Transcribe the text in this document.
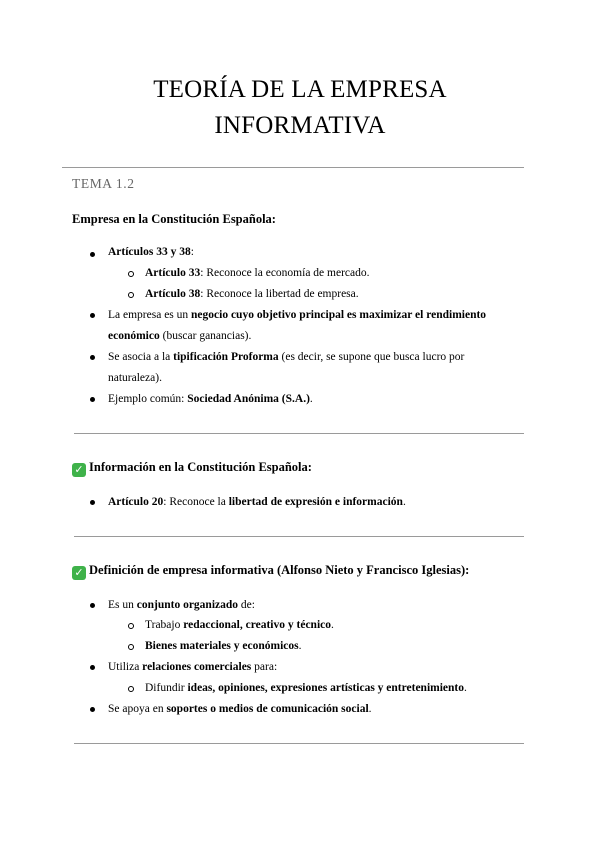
TEORÍA DE LA EMPRESA
INFORMATIVA
TEMA 1.2
Empresa en la Constitución Española:
Artículos 33 y 38:
Artículo 33: Reconoce la economía de mercado.
Artículo 38: Reconoce la libertad de empresa.
La empresa es un negocio cuyo objetivo principal es maximizar el rendimiento económico (buscar ganancias).
Se asocia a la tipificación Proforma (es decir, se supone que busca lucro por naturaleza).
Ejemplo común: Sociedad Anónima (S.A.).
✓ Información en la Constitución Española:
Artículo 20: Reconoce la libertad de expresión e información.
✓ Definición de empresa informativa (Alfonso Nieto y Francisco Iglesias):
Es un conjunto organizado de:
Trabajo redaccional, creativo y técnico.
Bienes materiales y económicos.
Utiliza relaciones comerciales para:
Difundir ideas, opiniones, expresiones artísticas y entretenimiento.
Se apoya en soportes o medios de comunicación social.
